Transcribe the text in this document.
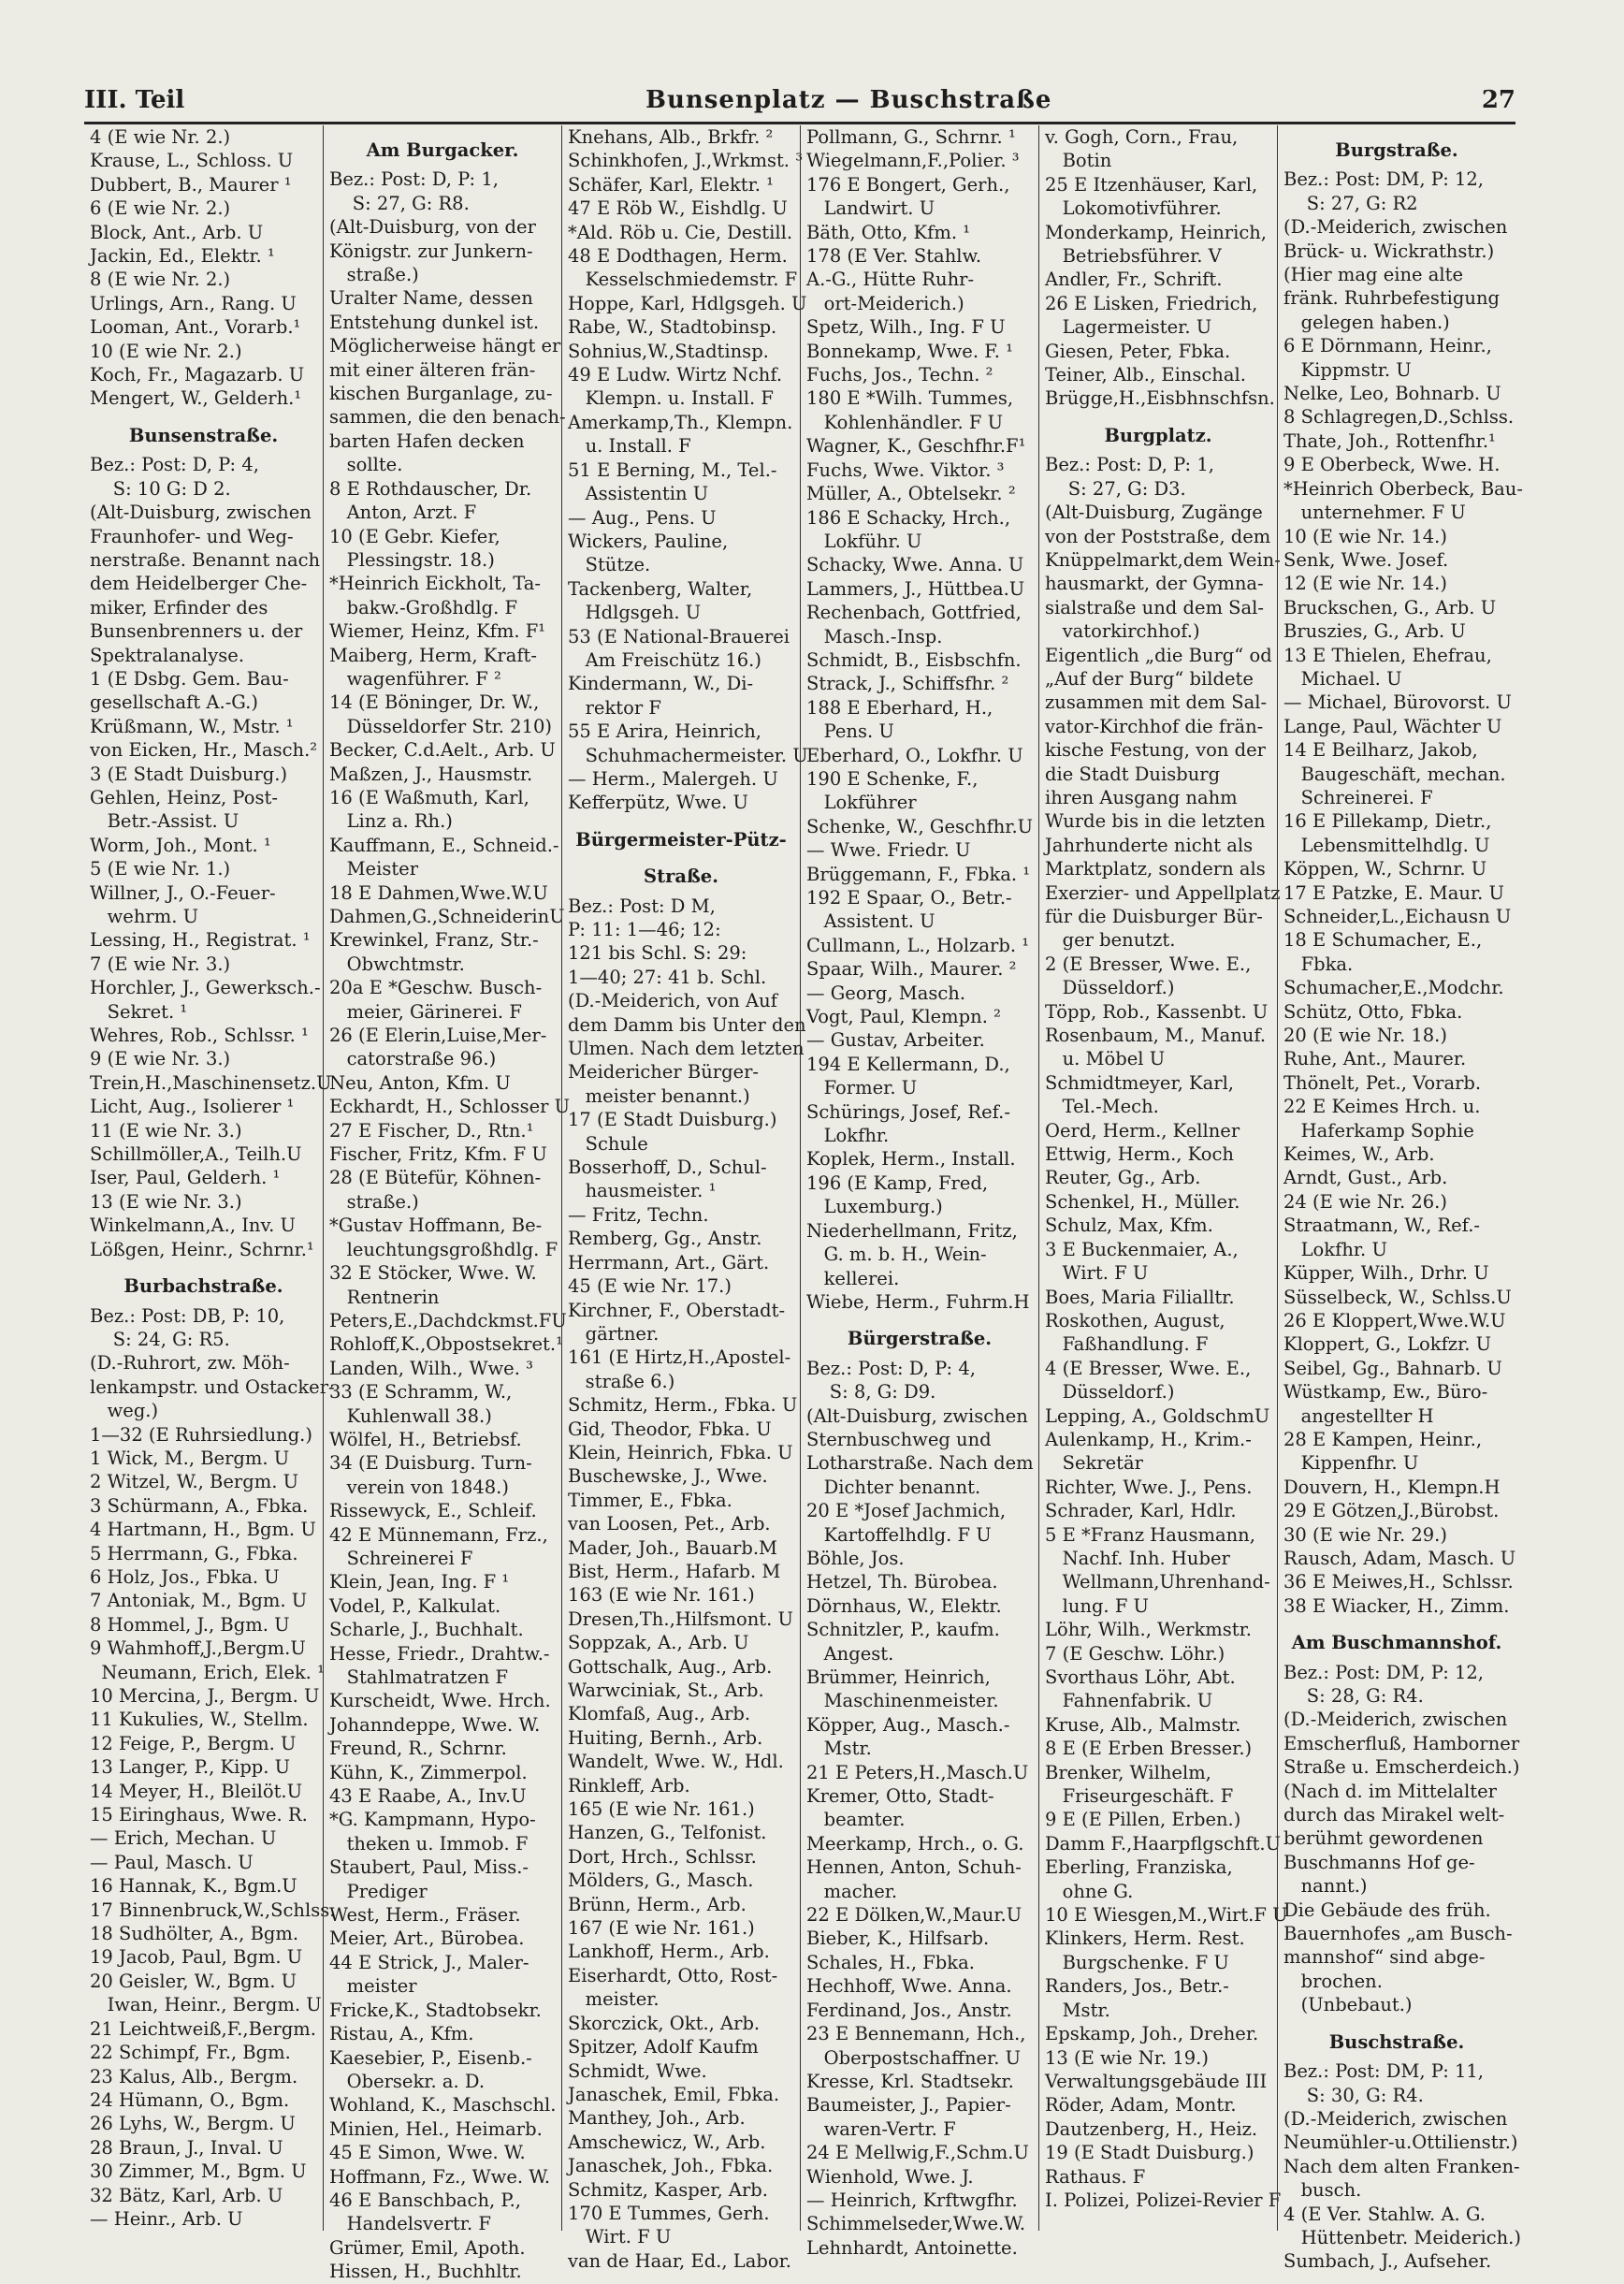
III. Teil	Bunsenplatz — Buschstraße	27
4 (E wie Nr. 2.)
Krause, L., Schloss. U
Dubbert, B., Maurer ¹
6 (E wie Nr. 2.)
Block, Ant., Arb. U
Jackin, Ed., Elektr. ¹
8 (E wie Nr. 2.)
Urlings, Arn., Rang. U
Looman, Ant., Vorarb.¹
10 (E wie Nr. 2.)
Koch, Fr., Magazarb. U
Mengert, W., Gelderh.¹
Bunsenstraße.
Bez.: Post: D, P: 4,
S: 10 G: D 2.
(Alt-Duisburg, zwischen
Fraunhofer- und Weg-
nerstraße. Benannt nach
dem Heidelberger Che-
miker, Erfinder des
Bunsenbrenners u. der
Spektralanalyse.
1 (E Dsbg. Gem. Bau-
gesellschaft A.-G.)
Krüßmann, W., Mstr. ¹
von Eicken, Hr., Masch.²
3 (E Stadt Duisburg.)
Gehlen, Heinz, Post-
Betr.-Assist. U
Worm, Joh., Mont. ¹
5 (E wie Nr. 1.)
Willner, J., O.-Feuer-
wehrm. U
Lessing, H., Registrat. ¹
7 (E wie Nr. 3.)
Horchler, J., Gewerksch.-
Sekret. ¹
Wehres, Rob., Schlssr. ¹
9 (E wie Nr. 3.)
Trein,H.,Maschinensetz.U
Licht, Aug., Isolierer ¹
11 (E wie Nr. 3.)
Schillmöller,A., Teilh.U
Iser, Paul, Gelderh. ¹
13 (E wie Nr. 3.)
Winkelmann,A., Inv. U
Lößgen, Heinr., Schrnr.¹
Burbachstraße.
Bez.: Post: DB, P: 10,
S: 24, G: R5.
(D.-Ruhrort, zw. Möh-
lenkampstr. und Ostacker-
weg.)
1—32 (E Ruhrsiedlung.)
1 Wick, M., Bergm. U
2 Witzel, W., Bergm. U
3 Schürmann, A., Fbka.
4 Hartmann, H., Bgm. U
5 Herrmann, G., Fbka.
6 Holz, Jos., Fbka. U
7 Antoniak, M., Bgm. U
8 Hommel, J., Bgm. U
9 Wahmhoff,J.,Bergm.U
Neumann, Erich, Elek. ¹
10 Mercina, J., Bergm. U
11 Kukulies, W., Stellm.
12 Feige, P., Bergm. U
13 Langer, P., Kipp. U
14 Meyer, H., Bleilöt.U
15 Eiringhaus, Wwe. R.
— Erich, Mechan. U
— Paul, Masch. U
16 Hannak, K., Bgm.U
17 Binnenbruck,W.,Schlss.
18 Sudhölter, A., Bgm.
19 Jacob, Paul, Bgm. U
20 Geisler, W., Bgm. U
Iwan, Heinr., Bergm. U
21 Leichtweiß,F.,Bergm.
22 Schimpf, Fr., Bgm.
23 Kalus, Alb., Bergm.
24 Hümann, O., Bgm.
26 Lyhs, W., Bergm. U
28 Braun, J., Inval. U
30 Zimmer, M., Bgm. U
32 Bätz, Karl, Arb. U
— Heinr., Arb. U
Am Burgacker.
Bez.: Post: D, P: 1,
S: 27, G: R8.
(Alt-Duisburg, von der
Königstr. zur Junkern-
straße.)
Uralter Name, dessen
Entstehung dunkel ist.
Möglicherweise hängt er
mit einer älteren frän-
kischen Burganlage, zu-
sammen, die den benach-
barten Hafen decken
sollte.
8 E Rothdauscher, Dr.
Anton, Arzt. F
10 (E Gebr. Kiefer,
Plessingstr. 18.)
*Heinrich Eickholt, Ta-
bakw.-Großhdlg. F
Wiemer, Heinz, Kfm. F¹
Maiberg, Herm, Kraft-
wagenführer. F ²
14 (E Böninger, Dr. W.,
Düsseldorfer Str. 210)
Becker, C.d.Aelt., Arb. U
Maßzen, J., Hausmstr.
16 (E Waßmuth, Karl,
Linz a. Rh.)
Kauffmann, E., Schneid.-
Meister
18 E Dahmen,Wwe.W.U
Dahmen,G.,SchneiderinU
Krewinkel, Franz, Str.-
Obwchtmstr.
20a E *Geschw. Busch-
meier, Gärinerei. F
26 (E Elerin,Luise,Mer-
catorstraße 96.)
Neu, Anton, Kfm. U
Eckhardt, H., Schlosser U
27 E Fischer, D., Rtn.¹
Fischer, Fritz, Kfm. F U
28 (E Bütefür, Köhnen-
straße.)
*Gustav Hoffmann, Be-
leuchtungsgroßhdlg. F
32 E Stöcker, Wwe. W.
Rentnerin
Peters,E.,Dachdckmst.FU
Rohloff,K.,Obpostsekret.¹
Landen, Wilh., Wwe. ³
33 (E Schramm, W.,
Kuhlenwall 38.)
Wölfel, H., Betriebsf.
34 (E Duisburg. Turn-
verein von 1848.)
Rissewyck, E., Schleif.
42 E Münnemann, Frz.,
Schreinerei F
Klein, Jean, Ing. F ¹
Vodel, P., Kalkulat.
Scharle, J., Buchhalt.
Hesse, Friedr., Drahtw.-
Stahlmatratzen F
Kurscheidt, Wwe. Hrch.
Johanndeppe, Wwe. W.
Freund, R., Schrnr.
Kühn, K., Zimmerpol.
43 E Raabe, A., Inv.U
*G. Kampmann, Hypo-
theken u. Immob. F
Staubert, Paul, Miss.-
Prediger
West, Herm., Fräser.
Meier, Art., Bürobea.
44 E Strick, J., Maler-
meister
Fricke,K., Stadtobsekr.
Ristau, A., Kfm.
Kaesebier, P., Eisenb.-
Obersekr. a. D.
Wohland, K., Maschschl.
Minien, Hel., Heimarb.
45 E Simon, Wwe. W.
Hoffmann, Fz., Wwe. W.
46 E Banschbach, P.,
Handelsvertr. F
Grümer, Emil, Apoth.
Hissen, H., Buchhltr.
Knehans, Alb., Brkfr. ²
Schinkhofen, J.,Wrkmst. ³
Schäfer, Karl, Elektr. ¹
47 E Röb W., Eishdlg. U
*Ald. Röb u. Cie, Destill.
48 E Dodthagen, Herm.
Kesselschmiedemstr. F
Hoppe, Karl, Hdlgsgeh. U
Rabe, W., Stadtobinsp.
Sohnius,W.,Stadtinsp.
49 E Ludw. Wirtz Nchf.
Klempn. u. Install. F
Amerkamp,Th., Klempn.
u. Install. F
51 E Berning, M., Tel.-
Assistentin U
— Aug., Pens. U
Wickers, Pauline,
Stütze.
Tackenberg, Walter,
Hdlgsgeh. U
53 (E National-Brauerei
Am Freischütz 16.)
Kindermann, W., Di-
rektor F
55 E Arira, Heinrich,
Schuhmachermeister. U
— Herm., Malergeh. U
Kefferpütz, Wwe. U
Bürgermeister-Pütz-
Straße.
Bez.: Post: D M,
P: 11: 1—46; 12:
121 bis Schl. S: 29:
1—40; 27: 41 b. Schl.
(D.-Meiderich, von Auf
dem Damm bis Unter den
Ulmen. Nach dem letzten
Meidericher Bürger-
meister benannt.)
17 (E Stadt Duisburg.)
Schule
Bosserhoff, D., Schul-
hausmeister. ¹
— Fritz, Techn.
Remberg, Gg., Anstr.
Herrmann, Art., Gärt.
45 (E wie Nr. 17.)
Kirchner, F., Oberstadt-
gärtner.
161 (E Hirtz,H.,Apostel-
straße 6.)
Schmitz, Herm., Fbka. U
Gid, Theodor, Fbka. U
Klein, Heinrich, Fbka. U
Buschewske, J., Wwe.
Timmer, E., Fbka.
van Loosen, Pet., Arb.
Mader, Joh., Bauarb.M
Bist, Herm., Hafarb. M
163 (E wie Nr. 161.)
Dresen,Th.,Hilfsmont. U
Soppzak, A., Arb. U
Gottschalk, Aug., Arb.
Warwciniak, St., Arb.
Klomfaß, Aug., Arb.
Huiting, Bernh., Arb.
Wandelt, Wwe. W., Hdl.
Rinkleff, Arb.
165 (E wie Nr. 161.)
Hanzen, G., Telfonist.
Dort, Hrch., Schlssr.
Mölders, G., Masch.
Brünn, Herm., Arb.
167 (E wie Nr. 161.)
Lankhoff, Herm., Arb.
Eiserhardt, Otto, Rost-
meister.
Skorczick, Okt., Arb.
Spitzer, Adolf Kaufm
Schmidt, Wwe.
Janaschek, Emil, Fbka.
Manthey, Joh., Arb.
Amschewicz, W., Arb.
Janaschek, Joh., Fbka.
Schmitz, Kasper, Arb.
170 E Tummes, Gerh.
Wirt. F U
van de Haar, Ed., Labor.
Pollmann, G., Schrnr. ¹
Wiegelmann,F.,Polier. ³
176 E Bongert, Gerh.,
Landwirt. U
Bäth, Otto, Kfm. ¹
178 (E Ver. Stahlw.
A.-G., Hütte Ruhr-
ort-Meiderich.)
Spetz, Wilh., Ing. F U
Bonnekamp, Wwe. F. ¹
Fuchs, Jos., Techn. ²
180 E *Wilh. Tummes,
Kohlenhändler. F U
Wagner, K., Geschfhr.F¹
Fuchs, Wwe. Viktor. ³
Müller, A., Obtelsekr. ²
186 E Schacky, Hrch.,
Lokführ. U
Schacky, Wwe. Anna. U
Lammers, J., Hüttbea.U
Rechenbach, Gottfried,
Masch.-Insp.
Schmidt, B., Eisbschfn.
Strack, J., Schiffsfhr. ²
188 E Eberhard, H.,
Pens. U
Eberhard, O., Lokfhr. U
190 E Schenke, F.,
Lokführer
Schenke, W., Geschfhr.U
— Wwe. Friedr. U
Brüggemann, F., Fbka. ¹
192 E Spaar, O., Betr.-
Assistent. U
Cullmann, L., Holzarb. ¹
Spaar, Wilh., Maurer. ²
— Georg, Masch.
Vogt, Paul, Klempn. ²
— Gustav, Arbeiter.
194 E Kellermann, D.,
Former. U
Schürings, Josef, Ref.-
Lokfhr.
Koplek, Herm., Install.
196 (E Kamp, Fred,
Luxemburg.)
Niederhellmann, Fritz,
G. m. b. H., Wein-
kellerei.
Wiebe, Herm., Fuhrm.H
Bürgerstraße.
Bez.: Post: D, P: 4,
S: 8, G: D9.
(Alt-Duisburg, zwischen
Sternbuschweg und
Lotharstraße. Nach dem
Dichter benannt.
20 E *Josef Jachmich,
Kartoffelhdlg. F U
Böhle, Jos.
Hetzel, Th. Bürobea.
Dörnhaus, W., Elektr.
Schnitzler, P., kaufm.
Angest.
Brümmer, Heinrich,
Maschinenmeister.
Köpper, Aug., Masch.-
Mstr.
21 E Peters,H.,Masch.U
Kremer, Otto, Stadt-
beamter.
Meerkamp, Hrch., o. G.
Hennen, Anton, Schuh-
macher.
22 E Dölken,W.,Maur.U
Bieber, K., Hilfsarb.
Schales, H., Fbka.
Hechhoff, Wwe. Anna.
Ferdinand, Jos., Anstr.
23 E Bennemann, Hch.,
Oberpostschaffner. U
Kresse, Krl. Stadtsekr.
Baumeister, J., Papier-
waren-Vertr. F
24 E Mellwig,F.,Schm.U
Wienhold, Wwe. J.
— Heinrich, Krftwgfhr.
Schimmelseder,Wwe.W.
Lehnhardt, Antoinette.
v. Gogh, Corn., Frau,
Botin
25 E Itzenhäuser, Karl,
Lokomotivführer.
Monderkamp, Heinrich,
Betriebsführer. V
Andler, Fr., Schrift.
26 E Lisken, Friedrich,
Lagermeister. U
Giesen, Peter, Fbka.
Teiner, Alb., Einschal.
Brügge,H.,Eisbhnschfsn.
Burgplatz.
Bez.: Post: D, P: 1,
S: 27, G: D3.
(Alt-Duisburg, Zugänge
von der Poststraße, dem
Knüppelmarkt,dem Wein-
hausmarkt, der Gymna-
sialstraße und dem Sal-
vatorkirchhof.)
Eigentlich „die Burg“ od
„Auf der Burg“ bildete
zusammen mit dem Sal-
vator-Kirchhof die frän-
kische Festung, von der
die Stadt Duisburg
ihren Ausgang nahm
Wurde bis in die letzten
Jahrhunderte nicht als
Marktplatz, sondern als
Exerzier- und Appellplatz
für die Duisburger Bür-
ger benutzt.
2 (E Bresser, Wwe. E.,
Düsseldorf.)
Töpp, Rob., Kassenbt. U
Rosenbaum, M., Manuf.
u. Möbel U
Schmidtmeyer, Karl,
Tel.-Mech.
Oerd, Herm., Kellner
Ettwig, Herm., Koch
Reuter, Gg., Arb.
Schenkel, H., Müller.
Schulz, Max, Kfm.
3 E Buckenmaier, A.,
Wirt. F U
Boes, Maria Filialltr.
Roskothen, August,
Faßhandlung. F
4 (E Bresser, Wwe. E.,
Düsseldorf.)
Lepping, A., GoldschmU
Aulenkamp, H., Krim.-
Sekretär
Richter, Wwe. J., Pens.
Schrader, Karl, Hdlr.
5 E *Franz Hausmann,
Nachf. Inh. Huber
Wellmann,Uhrenhand-
lung. F U
Löhr, Wilh., Werkmstr.
7 (E Geschw. Löhr.)
Svorthaus Löhr, Abt.
Fahnenfabrik. U
Kruse, Alb., Malmstr.
8 E (E Erben Bresser.)
Brenker, Wilhelm,
Friseurgeschäft. F
9 E (E Pillen, Erben.)
Damm F.,Haarpflgschft.U
Eberling, Franziska,
ohne G.
10 E Wiesgen,M.,Wirt.F U
Klinkers, Herm. Rest.
Burgschenke. F U
Randers, Jos., Betr.-
Mstr.
Epskamp, Joh., Dreher.
13 (E wie Nr. 19.)
Verwaltungsgebäude III
Röder, Adam, Montr.
Dautzenberg, H., Heiz.
19 (E Stadt Duisburg.)
Rathaus. F
I. Polizei, Polizei-Revier F
Burgstraße.
Bez.: Post: DM, P: 12,
S: 27, G: R2
(D.-Meiderich, zwischen
Brück- u. Wickrathstr.)
(Hier mag eine alte
fränk. Ruhrbefestigung
gelegen haben.)
6 E Dörnmann, Heinr.,
Kippmstr. U
Nelke, Leo, Bohnarb. U
8 Schlagregen,D.,Schlss.
Thate, Joh., Rottenfhr.¹
9 E Oberbeck, Wwe. H.
*Heinrich Oberbeck, Bau-
unternehmer. F U
10 (E wie Nr. 14.)
Senk, Wwe. Josef.
12 (E wie Nr. 14.)
Bruckschen, G., Arb. U
Bruszies, G., Arb. U
13 E Thielen, Ehefrau,
Michael. U
— Michael, Bürovorst. U
Lange, Paul, Wächter U
14 E Beilharz, Jakob,
Baugeschäft, mechan.
Schreinerei. F
16 E Pillekamp, Dietr.,
Lebensmittelhdlg. U
Köppen, W., Schrnr. U
17 E Patzke, E. Maur. U
Schneider,L.,Eichausn U
18 E Schumacher, E.,
Fbka.
Schumacher,E.,Modchr.
Schütz, Otto, Fbka.
20 (E wie Nr. 18.)
Ruhe, Ant., Maurer.
Thönelt, Pet., Vorarb.
22 E Keimes Hrch. u.
Haferkamp Sophie
Keimes, W., Arb.
Arndt, Gust., Arb.
24 (E wie Nr. 26.)
Straatmann, W., Ref.-
Lokfhr. U
Küpper, Wilh., Drhr. U
Süsselbeck, W., Schlss.U
26 E Kloppert,Wwe.W.U
Kloppert, G., Lokfzr. U
Seibel, Gg., Bahnarb. U
Wüstkamp, Ew., Büro-
angestellter H
28 E Kampen, Heinr.,
Kippenfhr. U
Douvern, H., Klempn.H
29 E Götzen,J.,Bürobst.
30 (E wie Nr. 29.)
Rausch, Adam, Masch. U
36 E Meiwes,H., Schlssr.
38 E Wiacker, H., Zimm.
Am Buschmannshof.
Bez.: Post: DM, P: 12,
S: 28, G: R4.
(D.-Meiderich, zwischen
Emscherfluß, Hamborner
Straße u. Emscherdeich.)
(Nach d. im Mittelalter
durch das Mirakel welt-
berühmt gewordenen
Buschmanns Hof ge-
nannt.)
Die Gebäude des früh.
Bauernhofes „am Busch-
mannshof“ sind abge-
brochen.
(Unbebaut.)
Buschstraße.
Bez.: Post: DM, P: 11,
S: 30, G: R4.
(D.-Meiderich, zwischen
Neumühler-u.Ottilienstr.)
Nach dem alten Franken-
busch.
4 (E Ver. Stahlw. A. G.
Hüttenbetr. Meiderich.)
Sumbach, J., Aufseher.
